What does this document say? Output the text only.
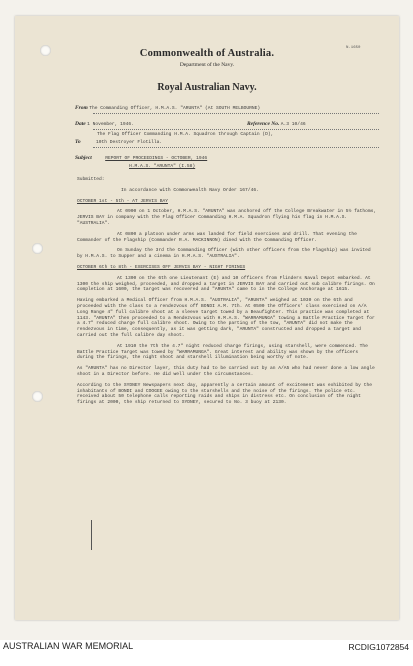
N.1650
Commonwealth of Australia.
Department of the Navy.
Royal Australian Navy.
From The Commanding Officer, H.M.A.S. "ARUNTA" (At SOUTH MELBOURNE)
Date 1 November, 1946.	Reference No. A.3 10/46
The Flag Officer Commanding H.M.A. Squadron through Captain (D),
To	10th Destroyer Flotilla.
Subject	REPORT OF PROCEEDINGS - OCTOBER, 1946
H.M.A.S. "ARUNTA" (I.58)

Submitted:

In accordance with Commonwealth Navy Order 167/46.

OCTOBER 1st - 5th - AT JERVIS BAY

At 0900 on 1 October, H.M.A.S. "ARUNTA" was anchored off the College Breakwater in 5½ fathoms, JERVIS BAY in company with the Flag Officer Commanding H.M.A. Squadron flying his flag in H.M.A.S. "AUSTRALIA".

At 0800 a platoon under arms was landed for field exercises and drill. That evening the Commander of the Flagship (Commander R.A. MACKINNON) dined with the Commanding Officer.

On Sunday the 3rd the Commanding Officer (with other officers from the Flagship) was invited by H.M.A.S. to Supper and a cinema in H.M.A.S. "AUSTRALIA".

OCTOBER 6th to 8th - EXERCISES OFF JERVIS BAY - NIGHT FIRINGS

At 1300 on the 6th one Lieutenant (E) and 10 officers from Flinders Naval Depot embarked. At 1300 the ship weighed, proceeded, and dropped a target in JERVIS BAY and carried out sub calibre firings. On completion at 1600, the target was recovered and "ARUNTA" came to in the College Anchorage at 1615.

Having embarked a Medical Officer from H.M.A.S. "AUSTRALIA", "ARUNTA" weighed at 1030 on the 6th and proceeded with the class to a rendezvous off BONDI A.M. 7th. At 0500 the Officers' class exercised on A/A Long Range 4" full calibre shoot at a sleeve target towed by a Beaufighter. This practice was completed at 1143. "ARUNTA" then proceeded to a Rendezvous with H.M.A.S. "WARRAMUNGA" towing a Battle Practice Target for a 4.7" reduced charge full calibre shoot. Owing to the parting of the tow, "ARUNTA" did not make the rendezvous in time, consequently, as it was getting dark, "ARUNTA" constructed and dropped a target and carried out the full calibre day shoot.

At 1910 the 7th the 4.7" night reduced charge firings, using starshell, were commenced. The Battle Practice Target was towed by "WARRAMUNGA". Great interest and ability was shown by the officers during the firings, the night shoot and starshell illumination being worthy of note.

As "ARUNTA" has no Director layer, this duty had to be carried out by an A/A5 who had never done a low angle shoot in a Director before. He did well under the circumstances.

According to the SYDNEY Newspapers next day, apparently a certain amount of excitement was exhibited by the inhabitants of BONDI and COOGEE owing to the starshells and the noise of the firings. The police etc. received about 50 telephone calls reporting raids and ships in distress etc. On conclusion of the night firings at 2000, the ship returned to SYDNEY, secured to No. 3 buoy at 2130.

AUSTRALIAN WAR MEMORIAL	RCDIG1072854
